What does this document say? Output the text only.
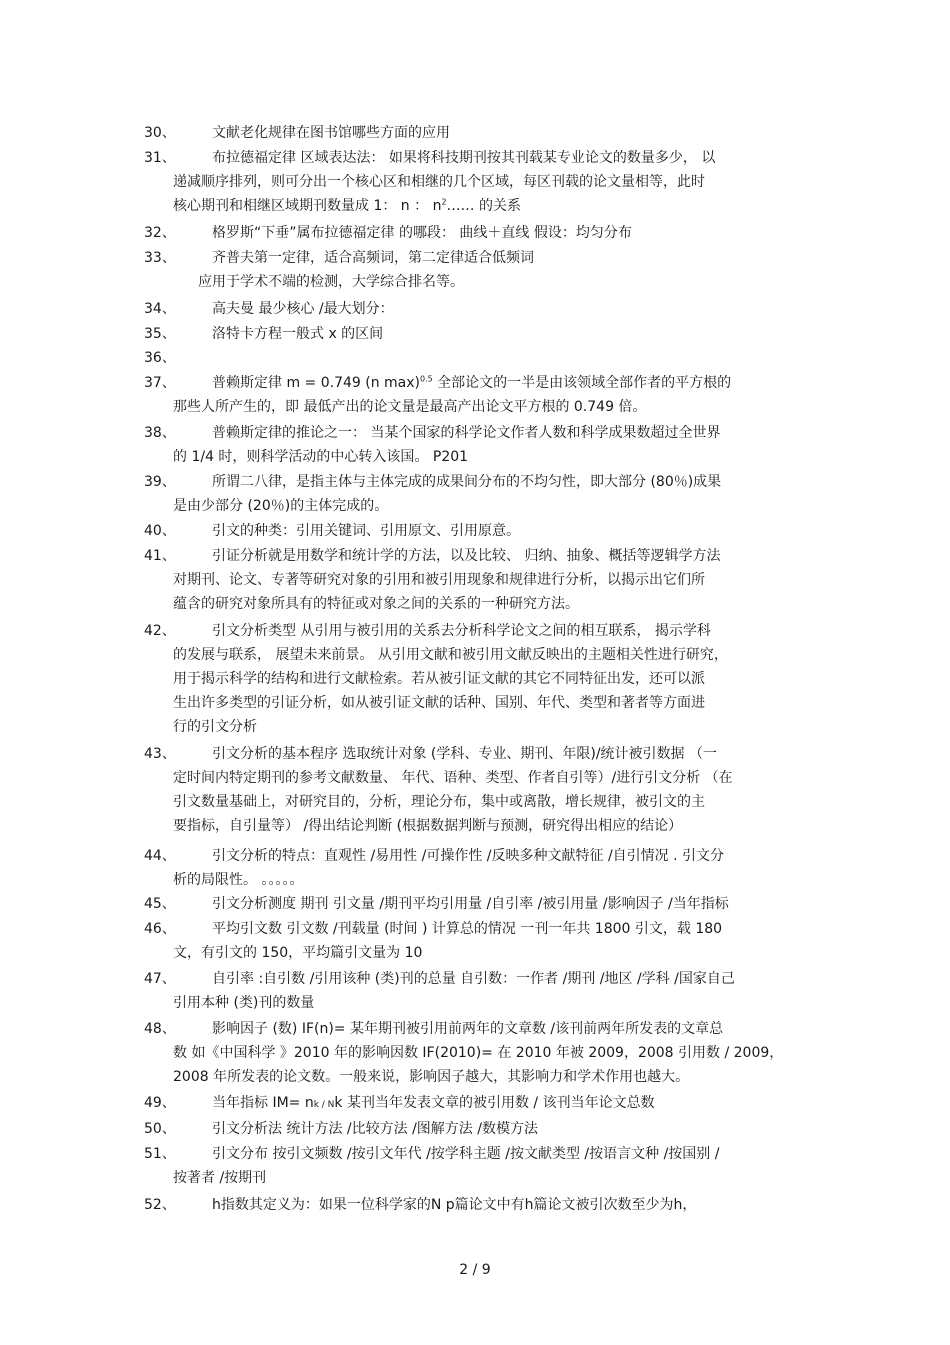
30、	文献老化规律在图书馆哪些方面的应用
31、	布拉德福定律 区域表达法： 如果将科技期刊按其刊载某专业论文的数量多少， 以
递减顺序排列，则可分出一个核心区和相继的几个区域，每区刊载的论文量相等，此时
核心期刊和相继区域期刊数量成 1： n ： $n^2\dots\dots$ 的关系
32、	格罗斯“下垂”属布拉德福定律 的哪段： 曲线＋直线 假设：均匀分布
33、	齐普夫第一定律，适合高频词，第二定律适合低频词
应用于学术不端的检测，大学综合排名等。
34、	高夫曼 最少核心 /最大划分：
35、	洛特卡方程一般式 x 的区间
36、
37、	普赖斯定律 m = 0.749 (n max)$^{0.5}$ 全部论文的一半是由该领域全部作者的平方根的
那些人所产生的，即 最低产出的论文量是最高产出论文平方根的 0.749 倍。
38、	普赖斯定律的推论之一： 当某个国家的科学论文作者人数和科学成果数超过全世界
的 1/4 时，则科学活动的中心转入该国。 P201
39、	所谓二八律，是指主体与主体完成的成果间分布的不均匀性，即大部分 (80％)成果
是由少部分 (20％)的主体完成的。
40、	引文的种类：引用关键词、引用原文、引用原意。
41、	引证分析就是用数学和统计学的方法，以及比较、 归纳、抽象、概括等逻辑学方法
对期刊、论文、专著等研究对象的引用和被引用现象和规律进行分析，以揭示出它们所
蕴含的研究对象所具有的特征或对象之间的关系的一种研究方法。
42、	引文分析类型 从引用与被引用的关系去分析科学论文之间的相互联系， 揭示学科
的发展与联系， 展望未来前景。 从引用文献和被引用文献反映出的主题相关性进行研究，
用于揭示科学的结构和进行文献检索。若从被引证文献的其它不同特征出发，还可以派
生出许多类型的引证分析，如从被引证文献的话种、国别、年代、类型和著者等方面进
行的引文分析
43、	引文分析的基本程序 选取统计对象 (学科、专业、期刊、年限)/统计被引数据 （一
定时间内特定期刊的参考文献数量、 年代、语种、类型、作者自引等）/进行引文分析 （在
引文数量基础上，对研究目的，分析，理论分布，集中或离散，增长规律，被引文的主
要指标，自引量等） /得出结论判断 (根据数据判断与预测，研究得出相应的结论）
44、	引文分析的特点：直观性 /易用性 /可操作性 /反映多种文献特征 /自引情况 . 引文分
析的局限性。 。。。。。
45、	引文分析测度 期刊 引文量 /期刊平均引用量 /自引率 /被引用量 /影响因子 /当年指标
46、	平均引文数 引文数 /刊载量 (时间 ) 计算总的情况 一刊一年共 1800 引文，载 180
文，有引文的 150，平均篇引文量为 10
47、	自引率 :自引数 /引用该种 (类)刊的总量 自引数：一作者 /期刊 /地区 /学科 /国家自己
引用本种 (类)刊的数量
48、	影响因子 (数) IF(n)= 某年期刊被引用前两年的文章数 /该刊前两年所发表的文章总
数 如《中国科学 》2010 年的影响因数 IF(2010)= 在 2010 年被 2009，2008 引用数 / 2009，
2008 年所发表的论文数。一般来说，影响因子越大，其影响力和学术作用也越大。
49、	当年指标 IM= nk / Nk 某刊当年发表文章的被引用数 / 该刊当年论文总数
50、	引文分析法 统计方法 /比较方法 /图解方法 /数模方法
51、	引文分布 按引文频数 /按引文年代 /按学科主题 /按文献类型 /按语言文种 /按国别 /
按著者 /按期刊
52、	h指数其定义为：如果一位科学家的N p篇论文中有h篇论文被引次数至少为h，
2 / 9
